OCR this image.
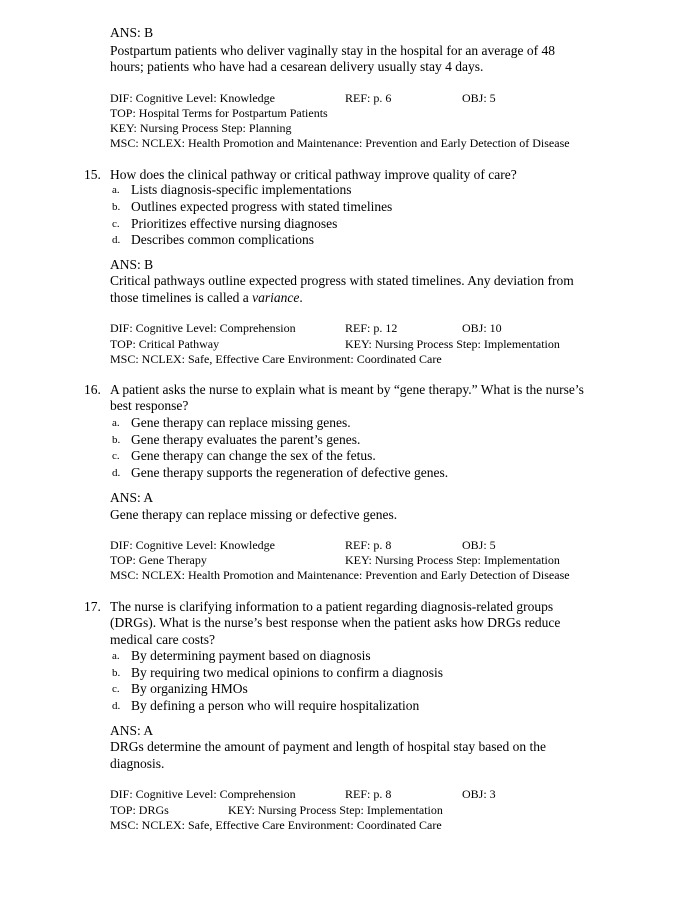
ANS: B
Postpartum patients who deliver vaginally stay in the hospital for an average of 48
hours; patients who have had a cesarean delivery usually stay 4 days.
DIF: Cognitive Level: Knowledge	REF: p. 6	OBJ: 5
TOP: Hospital Terms for Postpartum Patients
KEY: Nursing Process Step: Planning
MSC: NCLEX: Health Promotion and Maintenance: Prevention and Early Detection of Disease
15. How does the clinical pathway or critical pathway improve quality of care?
a. Lists diagnosis-specific implementations
b. Outlines expected progress with stated timelines
c. Prioritizes effective nursing diagnoses
d. Describes common complications
ANS: B
Critical pathways outline expected progress with stated timelines. Any deviation from
those timelines is called a variance.
DIF: Cognitive Level: Comprehension	REF: p. 12	OBJ: 10
TOP: Critical Pathway	KEY: Nursing Process Step: Implementation
MSC: NCLEX: Safe, Effective Care Environment: Coordinated Care
16. A patient asks the nurse to explain what is meant by “gene therapy.” What is the nurse’s
best response?
a. Gene therapy can replace missing genes.
b. Gene therapy evaluates the parent’s genes.
c. Gene therapy can change the sex of the fetus.
d. Gene therapy supports the regeneration of defective genes.
ANS: A
Gene therapy can replace missing or defective genes.
DIF: Cognitive Level: Knowledge	REF: p. 8	OBJ: 5
TOP: Gene Therapy	KEY: Nursing Process Step: Implementation
MSC: NCLEX: Health Promotion and Maintenance: Prevention and Early Detection of Disease
17. The nurse is clarifying information to a patient regarding diagnosis-related groups
(DRGs). What is the nurse’s best response when the patient asks how DRGs reduce
medical care costs?
a. By determining payment based on diagnosis
b. By requiring two medical opinions to confirm a diagnosis
c. By organizing HMOs
d. By defining a person who will require hospitalization
ANS: A
DRGs determine the amount of payment and length of hospital stay based on the
diagnosis.
DIF: Cognitive Level: Comprehension	REF: p. 8	OBJ: 3
TOP: DRGs	KEY: Nursing Process Step: Implementation
MSC: NCLEX: Safe, Effective Care Environment: Coordinated Care
